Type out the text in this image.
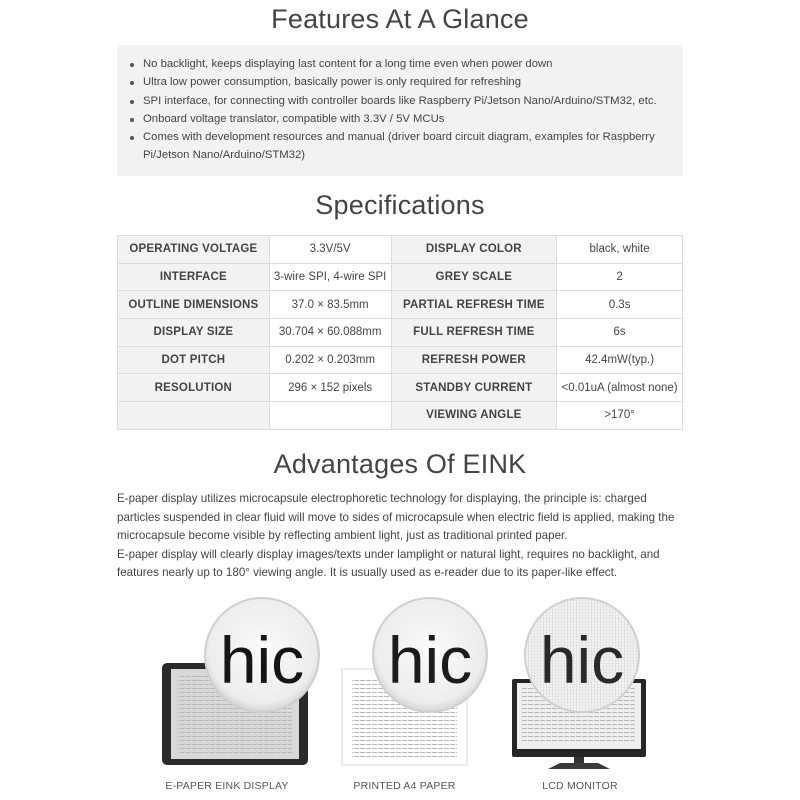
Features At A Glance
No backlight, keeps displaying last content for a long time even when power down
Ultra low power consumption, basically power is only required for refreshing
SPI interface, for connecting with controller boards like Raspberry Pi/Jetson Nano/Arduino/STM32, etc.
Onboard voltage translator, compatible with 3.3V / 5V MCUs
Comes with development resources and manual (driver board circuit diagram, examples for Raspberry Pi/Jetson Nano/Arduino/STM32)
Specifications
OPERATING VOLTAGE	3.3V/5V	DISPLAY COLOR	black, white
INTERFACE	3-wire SPI, 4-wire SPI	GREY SCALE	2
OUTLINE DIMENSIONS	37.0 × 83.5mm	PARTIAL REFRESH TIME	0.3s
DISPLAY SIZE	30.704 × 60.088mm	FULL REFRESH TIME	6s
DOT PITCH	0.202 × 0.203mm	REFRESH POWER	42.4mW(typ.)
RESOLUTION	296 × 152 pixels	STANDBY CURRENT	<0.01uA (almost none)
		VIEWING ANGLE	>170°
Advantages Of EINK
E-paper display utilizes microcapsule electrophoretic technology for displaying, the principle is: charged particles suspended in clear fluid will move to sides of microcapsule when electric field is applied, making the microcapsule become visible by reflecting ambient light, just as traditional printed paper.
E-paper display will clearly display images/texts under lamplight or natural light, requires no backlight, and features nearly up to 180° viewing angle. It is usually used as e-reader due to its paper-like effect.
hic hic hic
E-PAPER EINK DISPLAY	PRINTED A4 PAPER	LCD MONITOR
